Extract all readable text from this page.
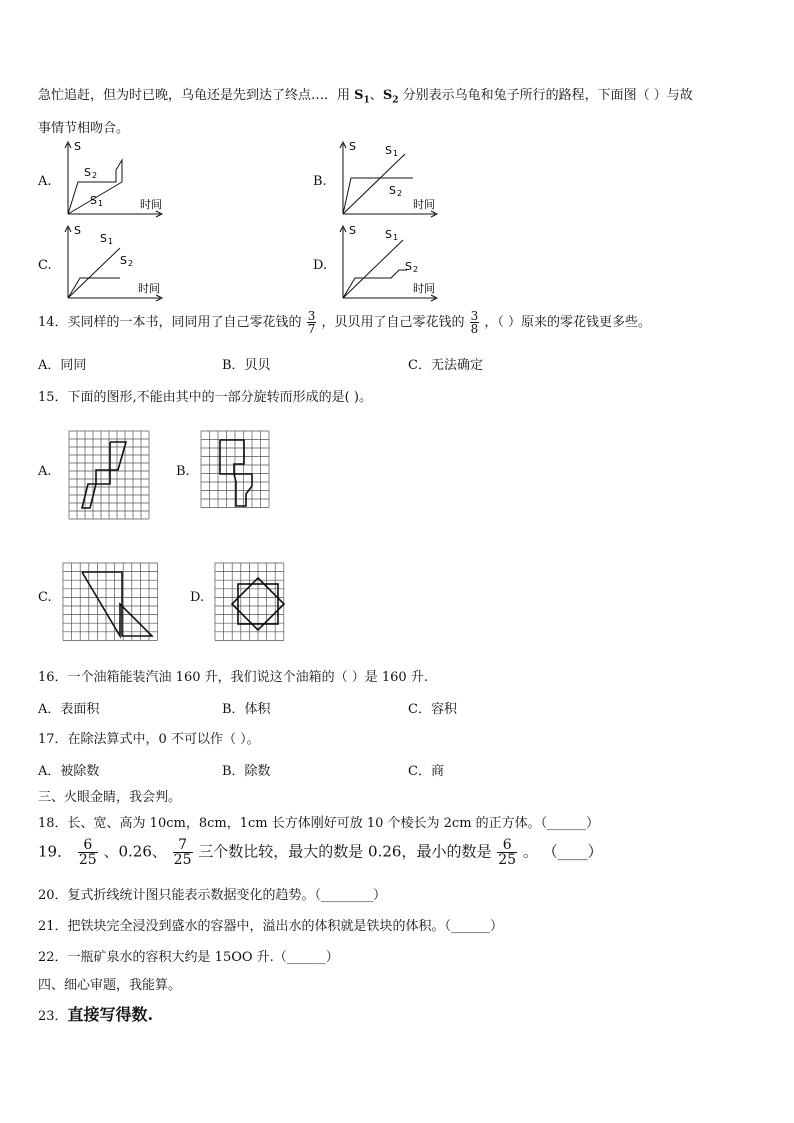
急忙追赶，但为时已晚，乌龟还是先到达了终点…．用 $S_1$、$S_2$ 分别表示乌龟和兔子所行的路程，下面图（ ）与故
事情节相吻合。
A.	B.
C.	D.
S
S 2
S 1	时间
S	S 1
S 2
时间
S
S 1
S 2
时间
S	S 1
S 2
时间
14．买同样的一本书，同同用了自己零花钱的 $\frac{3}{7}$ ，贝贝用了自己零花钱的 $\frac{3}{8}$ ，（ ）原来的零花钱更多些。
A．同同	B．贝贝	C．无法确定
15．下面的图形,不能由其中的一部分旋转而形成的是( )。
A.	B.
C.	D.
16．一个油箱能装汽油 160 升，我们说这个油箱的（ ）是 160 升.
A．表面积	B．体积	C．容积
17．在除法算式中，0 不可以作（ ）。
A．被除数	B．除数	C．商
三、火眼金睛，我会判。
18．长、宽、高为 10cm，8cm，1cm 长方体刚好可放 10 个棱长为 2cm 的正方体。（______）
19． $\frac{6}{25}$ 、0.26、 $\frac{7}{25}$ 三个数比较，最大的数是 0.26，最小的数是 $\frac{6}{25}$ 。 （____）
20．复式折线统计图只能表示数据变化的趋势。（________）
21．把铁块完全浸没到盛水的容器中，溢出水的体积就是铁块的体积。（______）
22．一瓶矿泉水的容积大约是 15OO 升.（______）
四、细心审题，我能算。
23．直接写得数.
